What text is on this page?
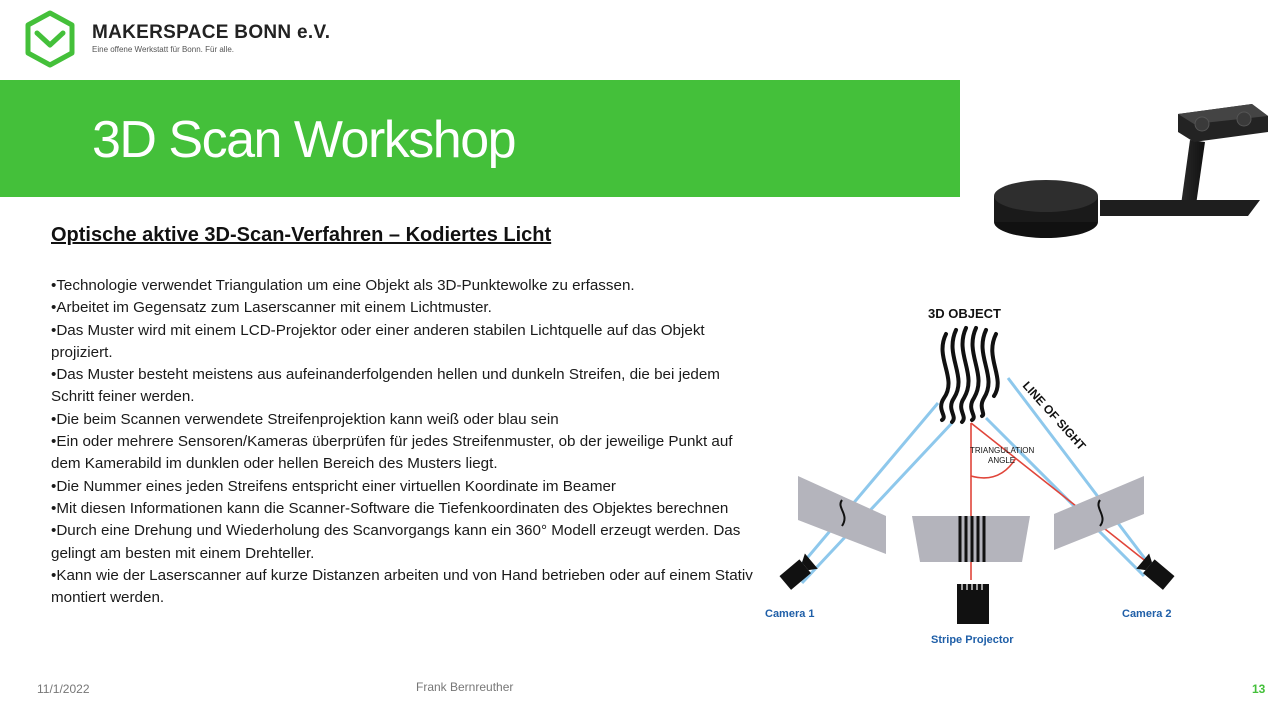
MAKERSPACE BONN e.V.
Eine offene Werkstatt für Bonn. Für alle.
3D Scan Workshop
Optische aktive 3D-Scan-Verfahren – Kodiertes Licht
•Technologie verwendet Triangulation um eine Objekt als 3D-Punktewolke zu erfassen.
•Arbeitet im Gegensatz zum Laserscanner mit einem Lichtmuster.
•Das Muster wird mit einem LCD-Projektor oder einer anderen stabilen Lichtquelle auf das Objekt projiziert.
•Das Muster besteht meistens aus aufeinanderfolgenden hellen und dunkeln Streifen, die bei jedem Schritt feiner werden.
•Die beim Scannen verwendete Streifenprojektion kann weiß oder blau sein
•Ein oder mehrere Sensoren/Kameras überprüfen für jedes Streifenmuster, ob der jeweilige Punkt auf dem Kamerabild im dunklen oder hellen Bereich des Musters liegt.
•Die Nummer eines jeden Streifens entspricht einer virtuellen Koordinate im Beamer
•Mit diesen Informationen kann die Scanner-Software die Tiefenkoordinaten des Objektes berechnen
•Durch eine Drehung und Wiederholung des Scanvorgangs kann ein 360° Modell erzeugt werden. Das gelingt am besten mit einem Drehteller.
•Kann wie der Laserscanner auf kurze Distanzen arbeiten und von Hand betrieben oder auf einem Stativ montiert werden.
3D OBJECT
LINE OF SIGHT
TRIANGULATION
ANGLE
Camera 1	Camera 2
Stripe Projector
11/1/2022	Frank Bernreuther	13
